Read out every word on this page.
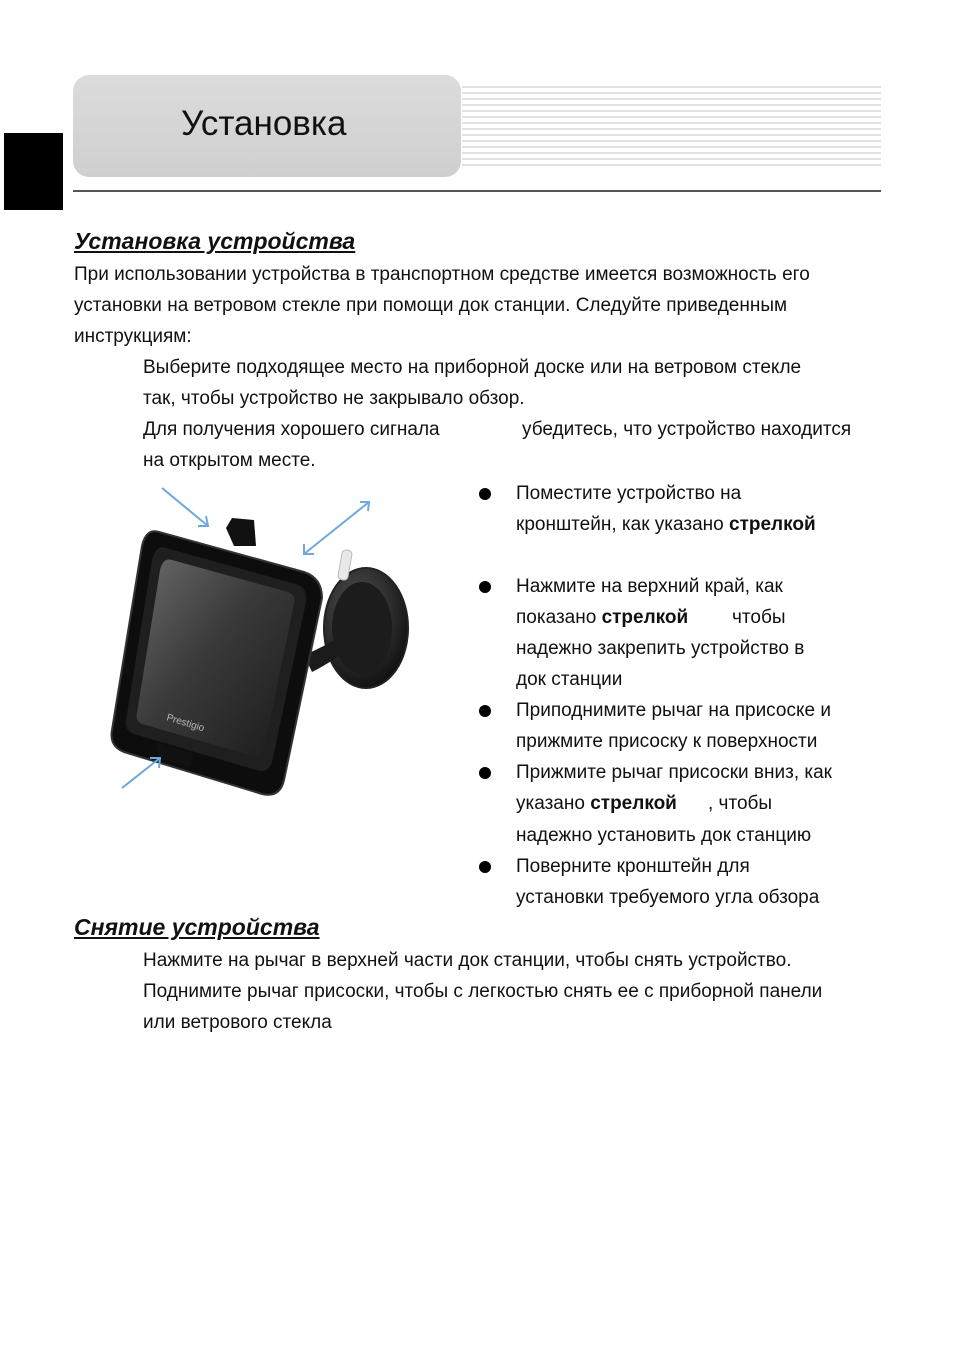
Установка
Установка устройства

При использовании устройства в транспортном средстве имеется возможность его

установки на ветровом стекле при помощи док станции. Следуйте приведенным

инструкциям:

Выберите подходящее место на приборной доске или на ветровом стекле

так, чтобы устройство не закрывало обзор.

Для получения хорошего сигнала	убедитесь, что устройство находится

на открытом месте.

Prestigio

Поместите устройство на

кронштейн, как указано стрелкой

Нажмите на верхний край, как

показано стрелкой чтобы

надежно закрепить устройство в

док станции

Приподнимите рычаг на присоске и

прижмите присоску к поверхности

Прижмите рычаг присоски вниз, как

указано стрелкой , чтобы

надежно установить док станцию

Поверните кронштейн для

установки требуемого угла обзора

Снятие устройства

Нажмите на рычаг в верхней части док станции, чтобы снять устройство.

Поднимите рычаг присоски, чтобы с легкостью снять ее с приборной панели

или ветрового стекла
